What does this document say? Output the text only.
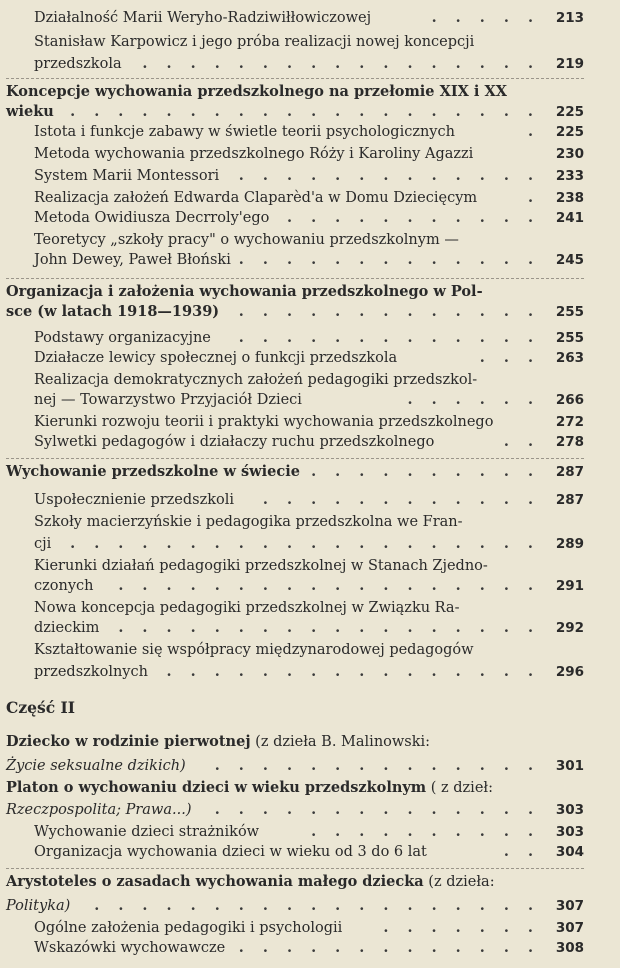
Działalność Marii Weryho-Radziwiłłowiczowej	. . . . . 213
Stanisław Karpowicz i jego próba realizacji nowej koncepcji
przedszkola . . . . . . . . . . . . . . . . . 219
Koncepcje wychowania przedszkolnego na przełomie XIX i XX
wieku . . . . . . . . . . . . . . . . . . . . 225
Istota i funkcje zabawy w świetle teorii psychologicznych	. 225
Metoda wychowania przedszkolnego Róży i Karoliny Agazzi	230
System Marii Montessori . . . . . . . . . . . . . 233
Realizacja założeń Edwarda Claparèd'a w Domu Dziecięcym	. 238
Metoda Owidiusza Decrroly'ego . . . . . . . . . . . 241
Teoretycy „szkoły pracy" o wychowaniu przedszkolnym —
John Dewey, Paweł Błoński . . . . . . . . . . . . . 245
Organizacja i założenia wychowania przedszkolnego w Pol-
sce (w latach 1918—1939) . . . . . . . . . . . . . 255
Podstawy organizacyjne . . . . . . . . . . . . . 255
Działacze lewicy społecznej o funkcji przedszkola	. . . 263
Realizacja demokratycznych założeń pedagogiki przedszkol-
nej — Towarzystwo Przyjaciół Dzieci	. . . . . . 266
Kierunki rozwoju teorii i praktyki wychowania przedszkolnego	272
Sylwetki pedagogów i działaczy ruchu przedszkolnego	. . 278
Wychowanie przedszkolne w świecie . . . . . . . . . . 287
Uspołecznienie przedszkoli . . . . . . . . . . . . 287
Szkoły macierzyńskie i pedagogika przedszkolna we Fran-
cji . . . . . . . . . . . . . . . . . . . . 289
Kierunki działań pedagogiki przedszkolnej w Stanach Zjedno-
czonych . . . . . . . . . . . . . . . . . . 291
Nowa koncepcja pedagogiki przedszkolnej w Związku Ra-
dzieckim . . . . . . . . . . . . . . . . . . 292
Kształtowanie się współpracy międzynarodowej pedagogów
przedszkolnych . . . . . . . . . . . . . . . . 296
Część II
Dziecko w rodzinie pierwotnej (z dzieła B. Malinowski:
Życie seksualne dzikich) . . . . . . . . . . . . . . 301
Platon o wychowaniu dzieci w wieku przedszkolnym ( z dzieł:
Rzeczpospolita; Prawa...) . . . . . . . . . . . . . . 303
Wychowanie dzieci strażników	. . . . . . . . . . 303
Organizacja wychowania dzieci w wieku od 3 do 6 lat	. . 304
Arystoteles o zasadach wychowania małego dziecka (z dzieła:
Polityka) . . . . . . . . . . . . . . . . . . . 307
Ogólne założenia pedagogiki i psychologii	. . . . . . . 307
Wskazówki wychowawcze . . . . . . . . . . . . . 308
